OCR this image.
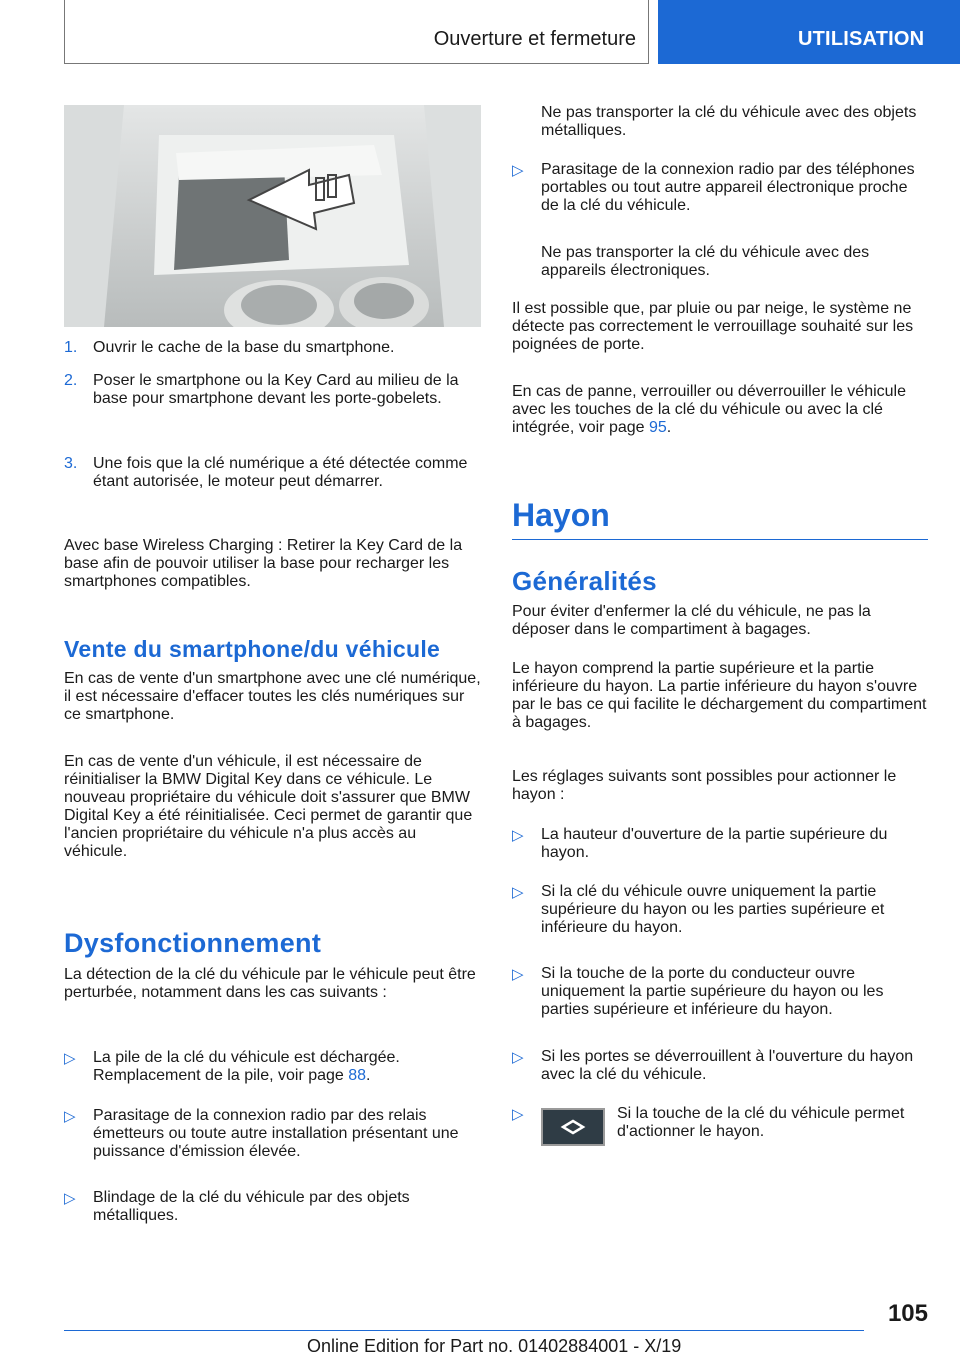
Ouverture et fermeture	UTILISATION
1. Ouvrir le cache de la base du smartphone.

2. Poser le smartphone ou la Key Card au milieu de la base pour smartphone devant les porte-gobelets.

3. Une fois que la clé numérique a été détectée comme étant autorisée, le moteur peut démarrer.

Avec base Wireless Charging : Retirer la Key Card de la base afin de pouvoir utiliser la base pour recharger les smartphones compatibles.

Vente du smartphone/du véhicule

En cas de vente d'un smartphone avec une clé numérique, il est nécessaire d'effacer toutes les clés numériques sur ce smartphone.

En cas de vente d'un véhicule, il est nécessaire de réinitialiser la BMW Digital Key dans ce véhicule. Le nouveau propriétaire du véhicule doit s'assurer que BMW Digital Key a été réinitialisée. Ceci permet de garantir que l'ancien propriétaire du véhicule n'a plus accès au véhicule.

Dysfonctionnement

La détection de la clé du véhicule par le véhicule peut être perturbée, notamment dans les cas suivants :

▷ La pile de la clé du véhicule est déchargée. Remplacement de la pile, voir page 88.

▷ Parasitage de la connexion radio par des relais émetteurs ou toute autre installation présentant une puissance d'émission élevée.

▷ Blindage de la clé du véhicule par des objets métalliques.

Ne pas transporter la clé du véhicule avec des objets métalliques.

▷ Parasitage de la connexion radio par des téléphones portables ou tout autre appareil électronique proche de la clé du véhicule.

Ne pas transporter la clé du véhicule avec des appareils électroniques.

Il est possible que, par pluie ou par neige, le système ne détecte pas correctement le verrouillage souhaité sur les poignées de porte.

En cas de panne, verrouiller ou déverrouiller le véhicule avec les touches de la clé du véhicule ou avec la clé intégrée, voir page 95.

Hayon
Généralités

Pour éviter d'enfermer la clé du véhicule, ne pas la déposer dans le compartiment à bagages.

Le hayon comprend la partie supérieure et la partie inférieure du hayon. La partie inférieure du hayon s'ouvre par le bas ce qui facilite le déchargement du compartiment à bagages.

Les réglages suivants sont possibles pour actionner le hayon :

▷ La hauteur d'ouverture de la partie supérieure du hayon.

▷ Si la clé du véhicule ouvre uniquement la partie supérieure du hayon ou les parties supérieure et inférieure du hayon.

▷ Si la touche de la porte du conducteur ouvre uniquement la partie supérieure du hayon ou les parties supérieure et inférieure du hayon.

▷ Si les portes se déverrouillent à l'ouverture du hayon avec la clé du véhicule.

▷	Si la touche de la clé du véhicule permet d'actionner le hayon.

105
Online Edition for Part no. 01402884001 - X/19
